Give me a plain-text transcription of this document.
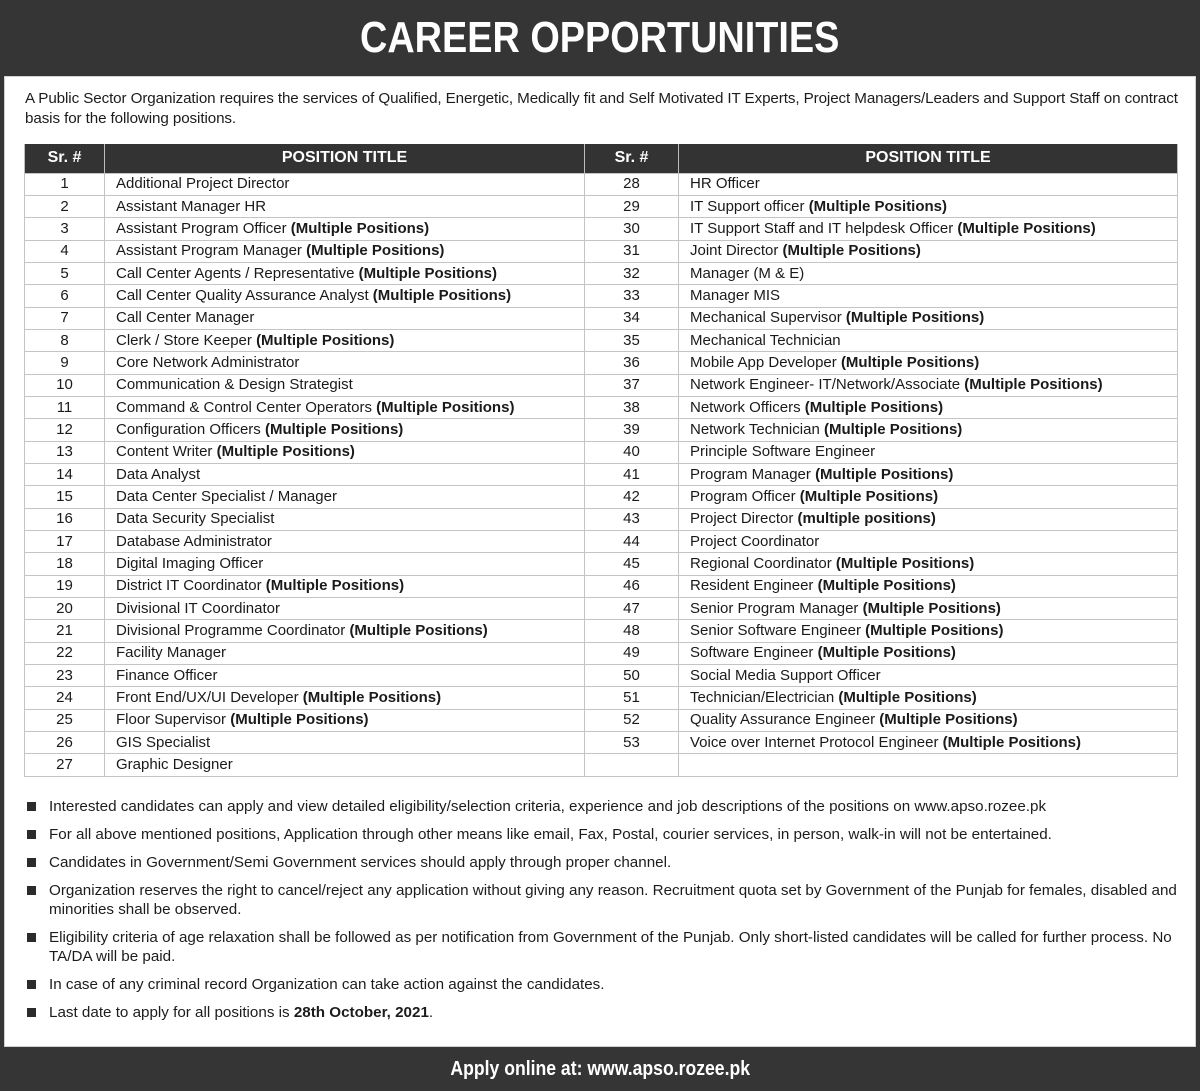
CAREER OPPORTUNITIES

A Public Sector Organization requires the services of Qualified, Energetic, Medically fit and Self Motivated IT Experts, Project Managers/Leaders and Support Staff on contract basis for the following positions.

Sr. #	POSITION TITLE	Sr. #	POSITION TITLE
1	Additional Project Director	28	HR Officer
2	Assistant Manager HR	29	IT Support officer (Multiple Positions)
3	Assistant Program Officer (Multiple Positions)	30	IT Support Staff and IT helpdesk Officer (Multiple Positions)
4	Assistant Program Manager (Multiple Positions)	31	Joint Director (Multiple Positions)
5	Call Center Agents / Representative (Multiple Positions)	32	Manager (M & E)
6	Call Center Quality Assurance Analyst (Multiple Positions)	33	Manager MIS
7	Call Center Manager	34	Mechanical Supervisor (Multiple Positions)
8	Clerk / Store Keeper (Multiple Positions)	35	Mechanical Technician
9	Core Network Administrator	36	Mobile App Developer (Multiple Positions)
10	Communication & Design Strategist	37	Network Engineer- IT/Network/Associate (Multiple Positions)
11	Command & Control Center Operators (Multiple Positions)	38	Network Officers (Multiple Positions)
12	Configuration Officers (Multiple Positions)	39	Network Technician (Multiple Positions)
13	Content Writer (Multiple Positions)	40	Principle Software Engineer
14	Data Analyst	41	Program Manager (Multiple Positions)
15	Data Center Specialist / Manager	42	Program Officer (Multiple Positions)
16	Data Security Specialist	43	Project Director (multiple positions)
17	Database Administrator	44	Project Coordinator
18	Digital Imaging Officer	45	Regional Coordinator (Multiple Positions)
19	District IT Coordinator (Multiple Positions)	46	Resident Engineer (Multiple Positions)
20	Divisional IT Coordinator	47	Senior Program Manager (Multiple Positions)
21	Divisional Programme Coordinator (Multiple Positions)	48	Senior Software Engineer (Multiple Positions)
22	Facility Manager	49	Software Engineer (Multiple Positions)
23	Finance Officer	50	Social Media Support Officer
24	Front End/UX/UI Developer (Multiple Positions)	51	Technician/Electrician (Multiple Positions)
25	Floor Supervisor (Multiple Positions)	52	Quality Assurance Engineer (Multiple Positions)
26	GIS Specialist	53	Voice over Internet Protocol Engineer (Multiple Positions)
27	Graphic Designer		
Interested candidates can apply and view detailed eligibility/selection criteria, experience and job descriptions of the positions on www.apso.rozee.pk
For all above mentioned positions, Application through other means like email, Fax, Postal, courier services, in person, walk-in will not be entertained.
Candidates in Government/Semi Government services should apply through proper channel.
Organization reserves the right to cancel/reject any application without giving any reason. Recruitment quota set by Government of the Punjab for females, disabled and minorities shall be observed.
Eligibility criteria of age relaxation shall be followed as per notification from Government of the Punjab. Only short-listed candidates will be called for further process. No TA/DA will be paid.
In case of any criminal record Organization can take action against the candidates.
Last date to apply for all positions is 28th October, 2021.
Apply online at: www.apso.rozee.pk
